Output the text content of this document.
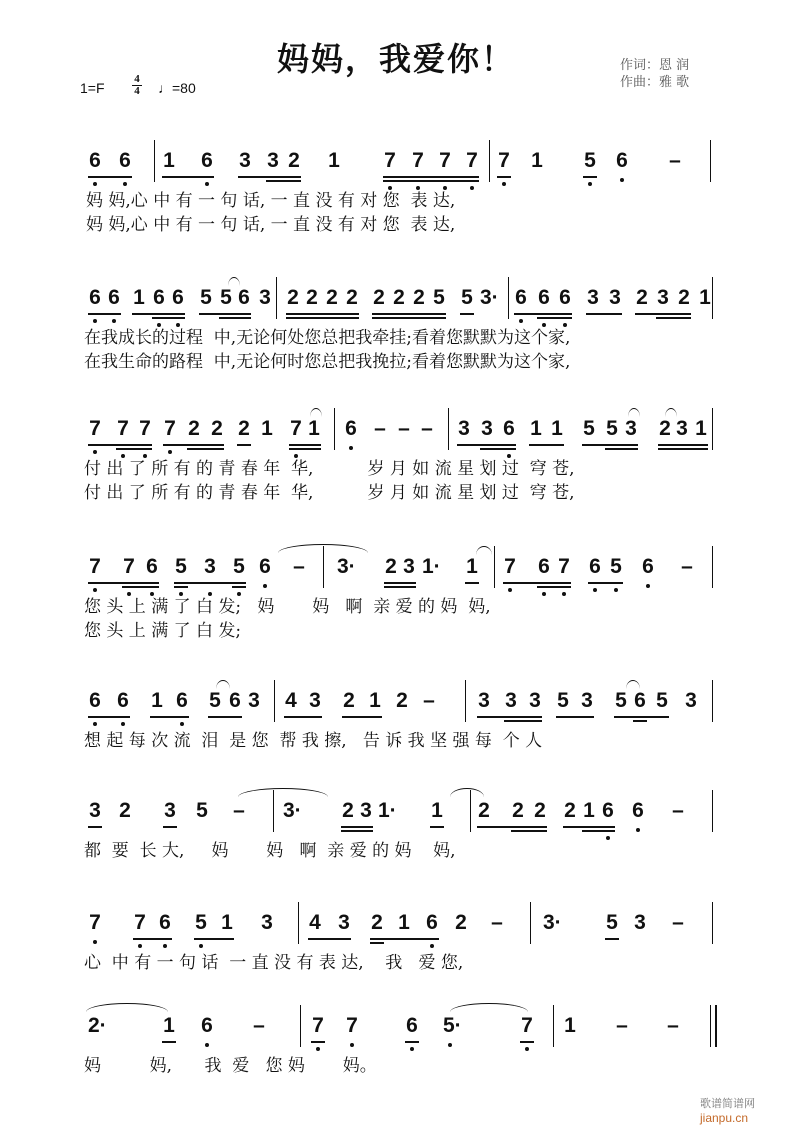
妈妈，我爱你！	作词：恩 润
作曲：雅 歌
1=F
4
4 ♩=80
6 6 1 6 3 3 2 1 7 7 7 7 7 1 5 6 –
妈 妈,心 中 有 一 句 话, 一 直 没 有 对 您  表 达,
妈 妈,心 中 有 一 句 话, 一 直 没 有 对 您  表 达,
6 6 1 6 6 5 5 6 3 2 2 2 2 2 2 2 5 5 3· 6 6 6 3 3 2 3 2 1
在我成长的过程  中,无论何处您总把我牵挂;看着您默默为这个家,
在我生命的路程  中,无论何时您总把我挽拉;看着您默默为这个家,
7 7 7 7 2 2 2 1 7 1 6 – – – 3 3 6 1 1 5 5 3 2 3 1
付 出 了 所 有 的 青 春 年  华,          岁 月 如 流 星 划 过  穹 苍,
付 出 了 所 有 的 青 春 年  华,          岁 月 如 流 星 划 过  穹 苍,
7 7 6 5 3 5 6 – 3· 2 3 1· 1 7 6 7 6 5 6 –
您 头 上 满 了 白 发;   妈       妈   啊  亲 爱 的 妈  妈,
您 头 上 满 了 白 发;
6 6 1 6 5 6 3 4 3 2 1 2 – 3 3 3 5 3 5 6 5 3
想 起 每 次 流  泪  是 您  帮 我 擦,   告 诉 我 坚 强 每  个 人
3 2 3 5 – 3· 2 3 1· 1 2 2 2 2 1 6 6 –
都  要  长 大,     妈       妈   啊  亲 爱 的 妈    妈,
7 7 6 5 1 3 4 3 2 1 6 2 – 3· 5 3 –
心  中 有 一 句 话  一 直 没 有 表 达,    我   爱 您,
2·	1 6 – 7 7 6 5·	7 1 – –
妈         妈,      我  爱   您 妈       妈。
歌谱简谱网 jianpu.cn
